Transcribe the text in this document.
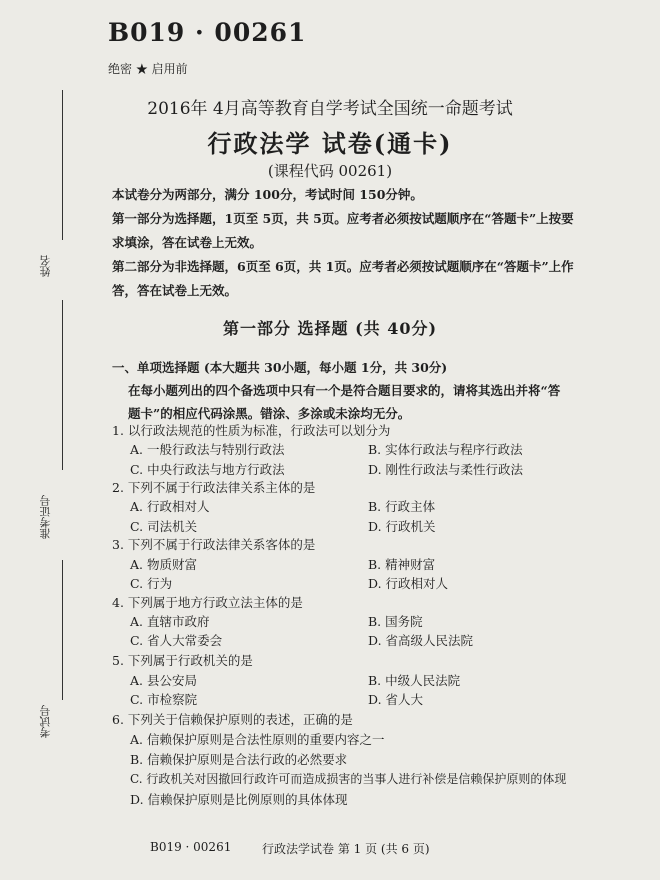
姓名
准考证号
考试号
B019 · 00261
绝密 ★ 启用前
2016年 4月高等教育自学考试全国统一命题考试
行政法学 试卷(通卡)
(课程代码 00261)
本试卷分为两部分，满分 100分，考试时间 150分钟。
第一部分为选择题，1页至 5页，共 5页。应考者必须按试题顺序在“答题卡”上按要
求填涂，答在试卷上无效。
第二部分为非选择题，6页至 6页，共 1页。应考者必须按试题顺序在“答题卡”上作
答，答在试卷上无效。
第一部分 选择题 (共 40分)
一、单项选择题 (本大题共 30小题，每小题 1分，共 30分)
在每小题列出的四个备选项中只有一个是符合题目要求的，请将其选出并将“答
题卡”的相应代码涂黑。错涂、多涂或未涂均无分。
1. 以行政法规范的性质为标准，行政法可以划分为
A. 一般行政法与特别行政法	B. 实体行政法与程序行政法
C. 中央行政法与地方行政法	D. 刚性行政法与柔性行政法
2. 下列不属于行政法律关系主体的是
A. 行政相对人	B. 行政主体
C. 司法机关	D. 行政机关
3. 下列不属于行政法律关系客体的是
A. 物质财富	B. 精神财富
C. 行为	D. 行政相对人
4. 下列属于地方行政立法主体的是
A. 直辖市政府	B. 国务院
C. 省人大常委会	D. 省高级人民法院
5. 下列属于行政机关的是
A. 县公安局	B. 中级人民法院
C. 市检察院	D. 省人大
6. 下列关于信赖保护原则的表述，正确的是
A. 信赖保护原则是合法性原则的重要内容之一
B. 信赖保护原则是合法行政的必然要求
C. 行政机关对因撤回行政许可而造成损害的当事人进行补偿是信赖保护原则的体现
D. 信赖保护原则是比例原则的具体体现
B019 · 00261	行政法学试卷 第 1 页 (共 6 页)
